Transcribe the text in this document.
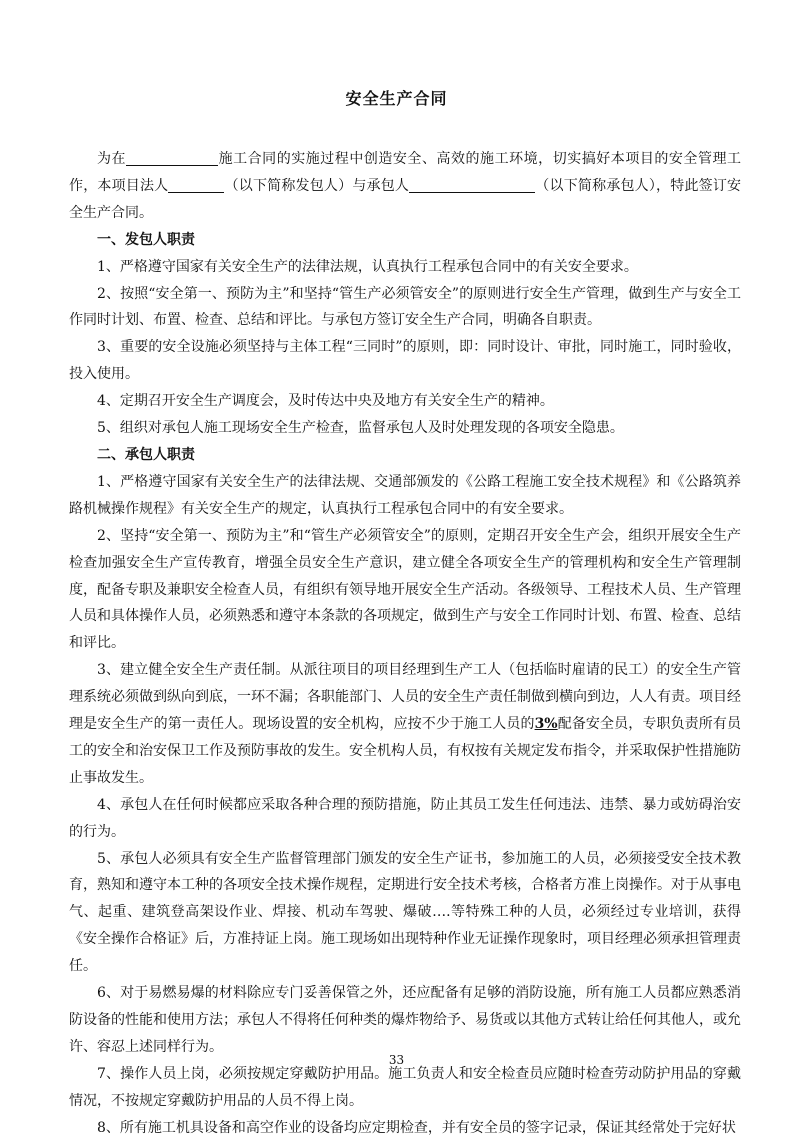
安全生产合同

为在	施工合同的实施过程中创造安全、高效的施工环境，切实搞好本项目的安全管理工作，本项目法人	（以下简称发包人）与承包人	（以下简称承包人），特此签订安全生产合同。

一、发包人职责

1、严格遵守国家有关安全生产的法律法规，认真执行工程承包合同中的有关安全要求。

2、按照“安全第一、预防为主”和坚持“管生产必须管安全”的原则进行安全生产管理，做到生产与安全工作同时计划、布置、检查、总结和评比。与承包方签订安全生产合同，明确各自职责。

3、重要的安全设施必须坚持与主体工程“三同时”的原则，即：同时设计、审批，同时施工，同时验收，投入使用。

4、定期召开安全生产调度会，及时传达中央及地方有关安全生产的精神。

5、组织对承包人施工现场安全生产检查，监督承包人及时处理发现的各项安全隐患。

二、承包人职责

1、严格遵守国家有关安全生产的法律法规、交通部颁发的《公路工程施工安全技术规程》和《公路筑养路机械操作规程》有关安全生产的规定，认真执行工程承包合同中的有安全要求。

2、坚持“安全第一、预防为主”和“管生产必须管安全”的原则，定期召开安全生产会，组织开展安全生产检查加强安全生产宣传教育，增强全员安全生产意识，建立健全各项安全生产的管理机构和安全生产管理制度，配备专职及兼职安全检查人员，有组织有领导地开展安全生产活动。各级领导、工程技术人员、生产管理人员和具体操作人员，必须熟悉和遵守本条款的各项规定，做到生产与安全工作同时计划、布置、检查、总结和评比。

3、建立健全安全生产责任制。从派往项目的项目经理到生产工人（包括临时雇请的民工）的安全生产管理系统必须做到纵向到底，一环不漏；各职能部门、人员的安全生产责任制做到横向到边，人人有责。项目经理是安全生产的第一责任人。现场设置的安全机构，应按不少于施工人员的3%配备安全员，专职负责所有员工的安全和治安保卫工作及预防事故的发生。安全机构人员，有权按有关规定发布指令，并采取保护性措施防止事故发生。

4、承包人在任何时候都应采取各种合理的预防措施，防止其员工发生任何违法、违禁、暴力或妨碍治安的行为。

5、承包人必须具有安全生产监督管理部门颁发的安全生产证书，参加施工的人员，必须接受安全技术教育，熟知和遵守本工种的各项安全技术操作规程，定期进行安全技术考核，合格者方准上岗操作。对于从事电气、起重、建筑登高架设作业、焊接、机动车驾驶、爆破….等特殊工种的人员，必须经过专业培训，获得《安全操作合格证》后，方准持证上岗。施工现场如出现特种作业无证操作现象时，项目经理必须承担管理责任。

6、对于易燃易爆的材料除应专门妥善保管之外，还应配备有足够的消防设施，所有施工人员都应熟悉消防设备的性能和使用方法；承包人不得将任何种类的爆炸物给予、易货或以其他方式转让给任何其他人，或允许、容忍上述同样行为。

7、操作人员上岗，必须按规定穿戴防护用品。施工负责人和安全检查员应随时检查劳动防护用品的穿戴情况，不按规定穿戴防护用品的人员不得上岗。

8、所有施工机具设备和高空作业的设备均应定期检查，并有安全员的签字记录，保证其经常处于完好状

33
